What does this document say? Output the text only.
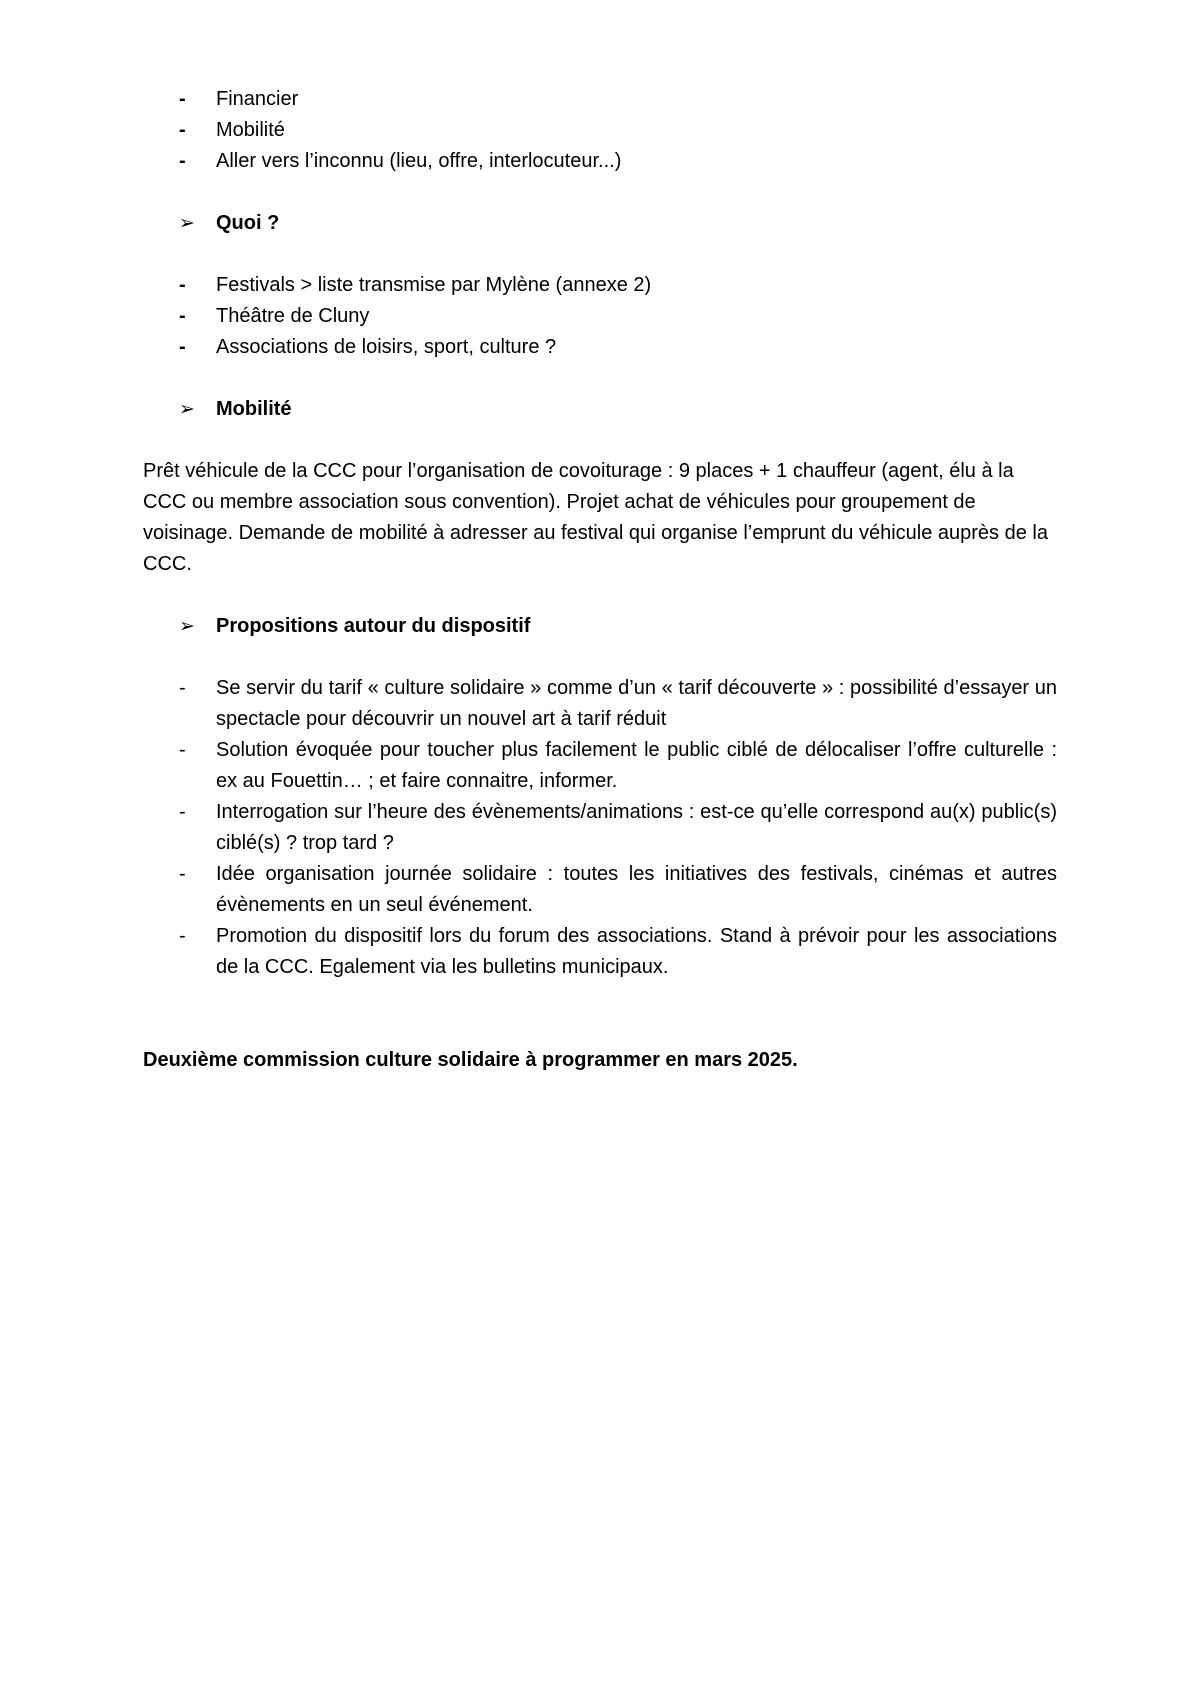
- Financier
- Mobilité
- Aller vers l’inconnu (lieu, offre, interlocuteur...)
➢ Quoi ?
- Festivals > liste transmise par Mylène (annexe 2)
- Théâtre de Cluny
- Associations de loisirs, sport, culture ?
➢ Mobilité

Prêt véhicule de la CCC pour l’organisation de covoiturage : 9 places + 1 chauffeur (agent, élu à la CCC ou membre association sous convention). Projet achat de véhicules pour groupement de voisinage. Demande de mobilité à adresser au festival qui organise l’emprunt du véhicule auprès de la CCC.

➢ Propositions autour du dispositif
- Se servir du tarif « culture solidaire » comme d’un « tarif découverte » : possibilité d’essayer un spectacle pour découvrir un nouvel art à tarif réduit
- Solution évoquée pour toucher plus facilement le public ciblé de délocaliser l’offre culturelle : ex au Fouettin… ; et faire connaitre, informer.
- Interrogation sur l’heure des évènements/animations : est-ce qu’elle correspond au(x) public(s) ciblé(s) ? trop tard ?
- Idée organisation journée solidaire : toutes les initiatives des festivals, cinémas et autres évènements en un seul événement.
- Promotion du dispositif lors du forum des associations. Stand à prévoir pour les associations de la CCC. Egalement via les bulletins municipaux.

Deuxième commission culture solidaire à programmer en mars 2025.
